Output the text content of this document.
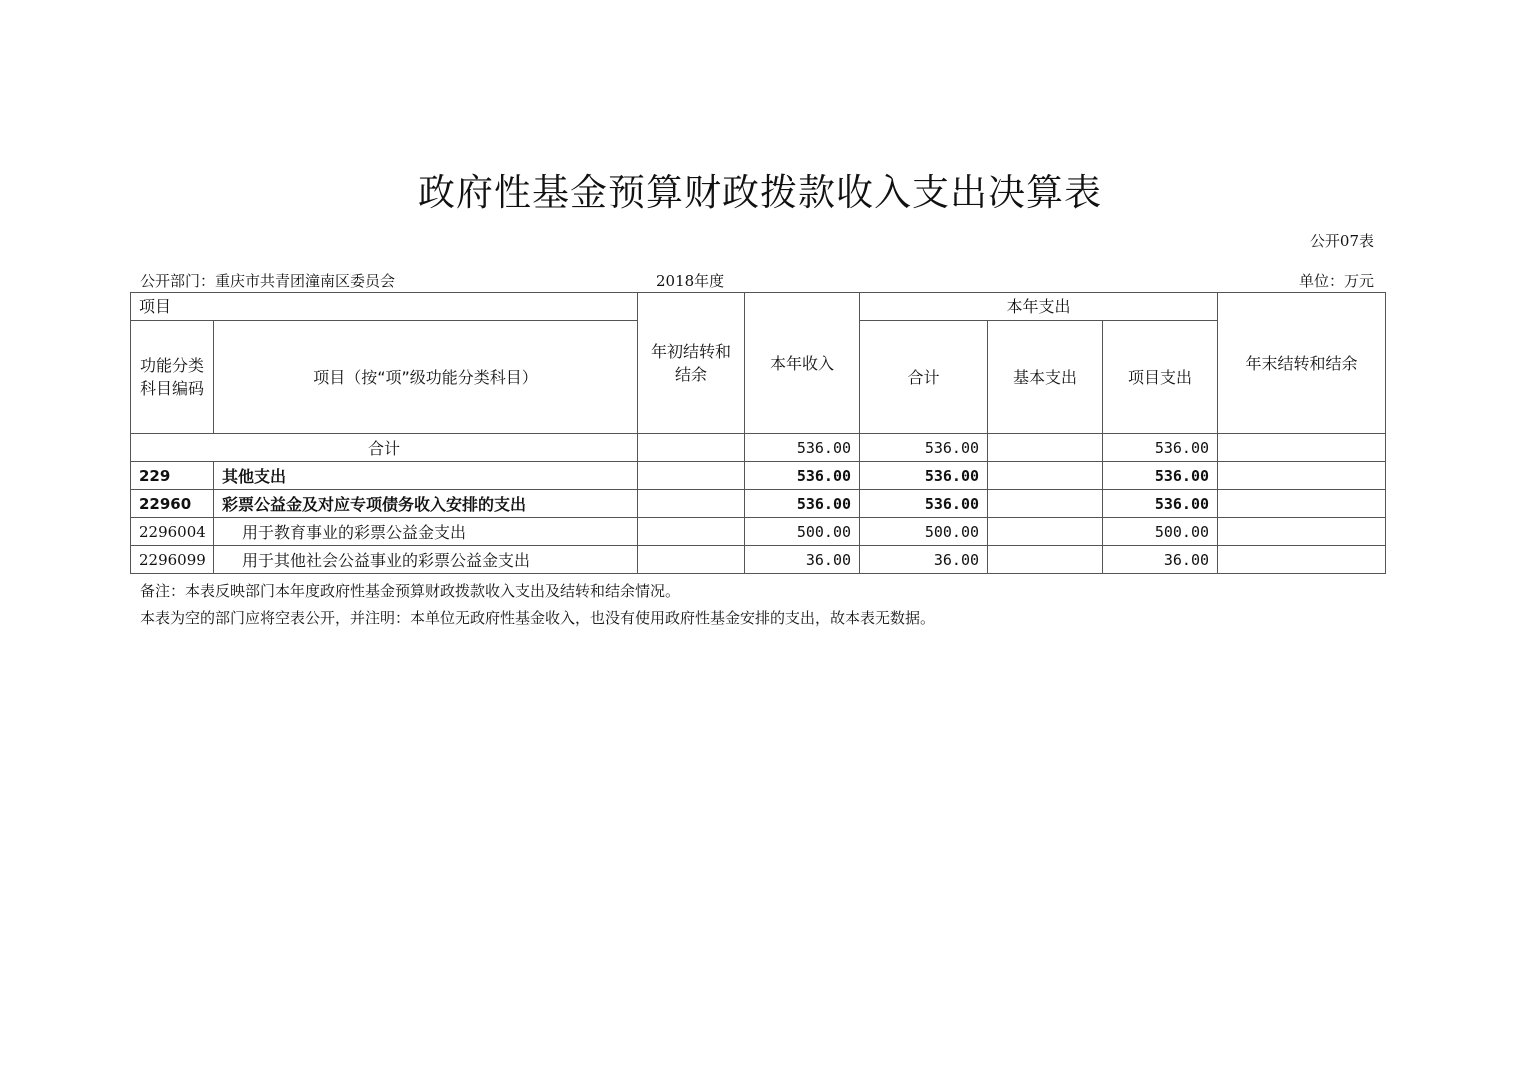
政府性基金预算财政拨款收入支出决算表
公开07表
公开部门：重庆市共青团潼南区委员会	2018年度	单位：万元
项目		年初结转和结余	本年收入	本年支出			年末结转和结余
功能分类科目编码	项目（按“项”级功能分类科目）			合计	基本支出	项目支出	
合计			536.00	536.00		536.00	
229	其他支出		536.00	536.00		536.00	
22960	彩票公益金及对应专项债务收入安排的支出		536.00	536.00		536.00	
2296004	用于教育事业的彩票公益金支出		500.00	500.00		500.00	
2296099	用于其他社会公益事业的彩票公益金支出		36.00	36.00		36.00	
备注：本表反映部门本年度政府性基金预算财政拨款收入支出及结转和结余情况。
本表为空的部门应将空表公开，并注明：本单位无政府性基金收入，也没有使用政府性基金安排的支出，故本表无数据。
